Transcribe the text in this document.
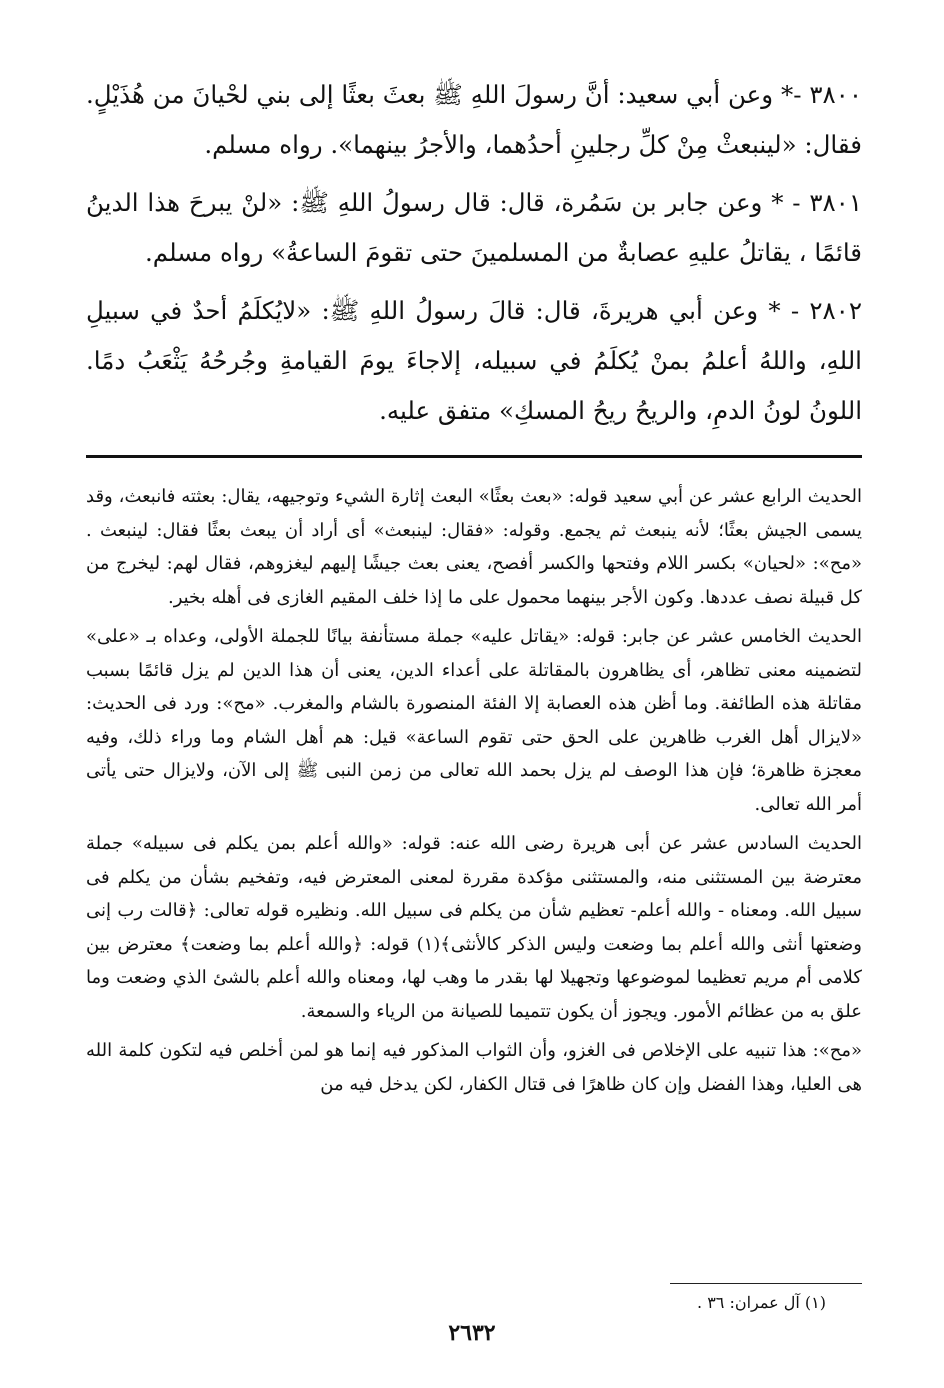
٣٨٠٠ -* وعن أبي سعيد: أنَّ رسولَ اللهِ ﷺ بعثَ بعثًا إلى بني لحْيانَ من هُذَيْلٍ. فقال: «لينبعثْ مِنْ كلِّ رجلينِ أحدُهما، والأجرُ بينهما». رواه مسلم.

٣٨٠١ - * وعن جابر بن سَمُرة، قال: قال رسولُ اللهِ ﷺ: «لنْ يبرحَ هذا الدينُ قائمًا ، يقاتلُ عليهِ عصابةٌ من المسلمينَ حتى تقومَ الساعةُ» رواه مسلم.

٢٨٠٢ - * وعن أبي هريرةَ، قال: قالَ رسولُ اللهِ ﷺ: «لايُكلَمُ أحدٌ في سبيلِ اللهِ، واللهُ أعلمُ بمنْ يُكلَمُ في سبيله، إلاجاءَ يومَ القيامةِ وجُرحُهُ يَثْعَبُ دمًا. اللونُ لونُ الدمِ، والريحُ ريحُ المسكِ» متفق عليه.

الحديث الرابع عشر عن أبي سعيد قوله: «بعث بعثًا» البعث إثارة الشيء وتوجيهه، يقال: بعثته فانبعث، وقد يسمى الجيش بعثًا؛ لأنه ينبعث ثم يجمع. وقوله: «فقال: لينبعث» أى أراد أن يبعث بعثًا فقال: لينبعث . «مح»: «لحيان» بكسر اللام وفتحها والكسر أفصح، يعنى بعث جيشًا إليهم ليغزوهم، فقال لهم: ليخرج من كل قبيلة نصف عددها. وكون الأجر بينهما محمول على ما إذا خلف المقيم الغازى فى أهله بخير.

الحديث الخامس عشر عن جابر: قوله: «يقاتل عليه» جملة مستأنفة بيانًا للجملة الأولى، وعداه بـ «على» لتضمينه معنى تظاهر، أى يظاهرون بالمقاتلة على أعداء الدين، يعنى أن هذا الدين لم يزل قائمًا بسبب مقاتلة هذه الطائفة. وما أظن هذه العصابة إلا الفئة المنصورة بالشام والمغرب. «مح»: ورد فى الحديث: «لايزال أهل الغرب ظاهرين على الحق حتى تقوم الساعة» قيل: هم أهل الشام وما وراء ذلك، وفيه معجزة ظاهرة؛ فإن هذا الوصف لم يزل بحمد الله تعالى من زمن النبى ﷺ إلى الآن، ولايزال حتى يأتى أمر الله تعالى.

الحديث السادس عشر عن أبى هريرة رضى الله عنه: قوله: «والله أعلم بمن يكلم فى سبيله» جملة معترضة بين المستثنى منه، والمستثنى مؤكدة مقررة لمعنى المعترض فيه، وتفخيم بشأن من يكلم فى سبيل الله. ومعناه - والله أعلم- تعظيم شأن من يكلم فى سبيل الله. ونظيره قوله تعالى: ﴿قالت رب إنى وضعتها أنثى والله أعلم بما وضعت وليس الذكر كالأنثى﴾(١) قوله: ﴿والله أعلم بما وضعت﴾ معترض بين كلامى أم مريم تعظيما لموضوعها وتجهيلا لها بقدر ما وهب لها، ومعناه والله أعلم بالشئ الذي وضعت وما علق به من عظائم الأمور. ويجوز أن يكون تتميما للصيانة من الرياء والسمعة.

«مح»: هذا تنبيه على الإخلاص فى الغزو، وأن الثواب المذكور فيه إنما هو لمن أخلص فيه لتكون كلمة الله هى العليا، وهذا الفضل وإن كان ظاهرًا فى قتال الكفار، لكن يدخل فيه من

(١) آل عمران: ٣٦ .
٢٦٣٢
